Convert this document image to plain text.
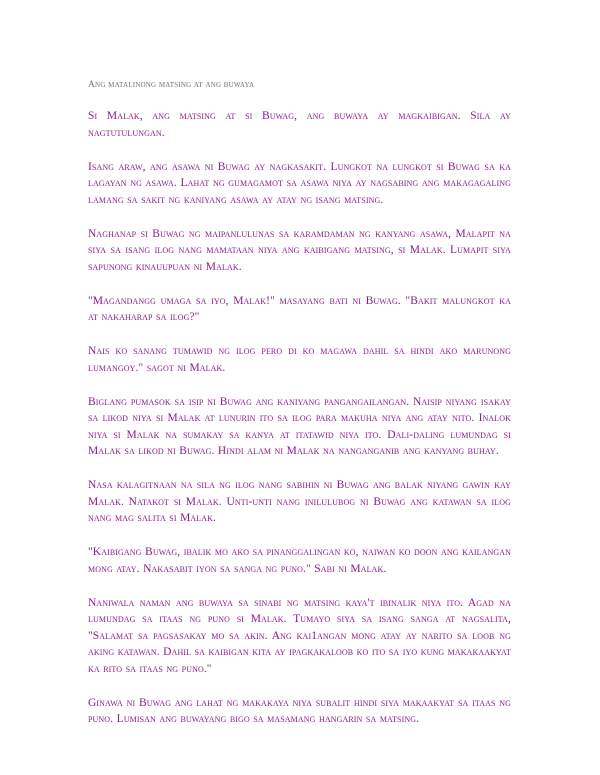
Ang matalinong matsing at ang buwaya

Si Malak, ang matsing at si Buwag, ang buwaya ay magkaibigan. Sila ay nagtutulungan.

Isang araw, ang asawa ni Buwag ay nagkasakit. Lungkot na lungkot si Buwag sa ka lagayan ng asawa. Lahat ng gumagamot sa asawa niya ay nagsabing ang makagagaling lamang sa sakit ng kaniyang asawa ay atay ng isang matsing.

Naghanap si Buwag ng maipanlulunas sa karamdaman ng kanyang asawa, Malapit na siya sa isang ilog nang mamataan niya ang kaibigang matsing, si Malak. Lumapit siya sapunong kinauupuan ni Malak.

"Magandangg umaga sa iyo, Malak!" masayang bati ni Buwag. "Bakit malungkot ka at nakaharap sa ilog?"

Nais ko sanang tumawid ng ilog pero di ko magawa dahil sa hindi ako marunong lumangoy." sagot ni Malak.

Biglang pumasok sa isip ni Buwag ang kaniyang pangangailangan. Naisip niyang isakay sa likod niya si Malak at lunurin ito sa ilog para makuha niya ang atay nito. Inalok niya si Malak na sumakay sa kanya at itatawid niya ito. Dali-daling lumundag si Malak sa likod ni Buwag. Hindi alam ni Malak na nanganganib ang kanyang buhay.

Nasa kalagitnaan na sila ng ilog nang sabihin ni Buwag ang balak niyang gawin kay Malak. Natakot si Malak. Unti-unti nang inilulubog ni Buwag ang katawan sa ilog nang mag salita si Malak.

"Kaibigang Buwag, ibalik mo ako sa pinanggalingan ko, naiwan ko doon ang kailangan mong atay. Nakasabit iyon sa sanga ng puno." Sabi ni Malak.

Naniwala naman ang buwaya sa sinabi ng matsing kaya't ibinalik niya ito. Agad na lumundag sa itaas ng puno si Malak. Tumayo siya sa isang sanga at nagsalita, "Salamat sa pagsasakay mo sa akin. Ang kai1angan mong atay ay narito sa loob ng aking katawan. Dahil sa kaibigan kita ay ipagkakaloob ko ito sa iyo kung makakaakyat ka rito sa itaas ng puno."

Ginawa ni Buwag ang lahat ng makakaya niya subalit hindi siya makaakyat sa itaas ng puno. Lumisan ang buwayang bigo sa masamang hangarin sa matsing.
